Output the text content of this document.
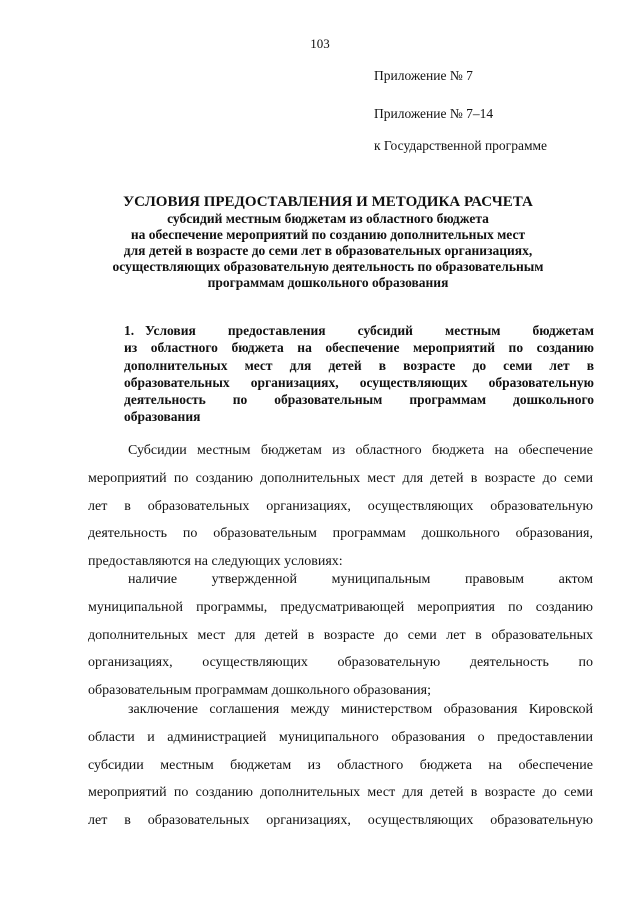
103
Приложение № 7
Приложение № 7–14
к Государственной программе
УСЛОВИЯ ПРЕДОСТАВЛЕНИЯ И МЕТОДИКА РАСЧЕТА
субсидий местным бюджетам из областного бюджета
на обеспечение мероприятий по созданию дополнительных мест
для детей в возрасте до семи лет в образовательных организациях,
осуществляющих образовательную деятельность по образовательным
программам дошкольного образования
1. Условия предоставления субсидий местным бюджетам
из областного бюджета на обеспечение мероприятий по созданию
дополнительных мест для детей в возрасте до семи лет в
образовательных организациях, осуществляющих образовательную
деятельность по образовательным программам дошкольного
образования
Субсидии местным бюджетам из областного бюджета на обеспечение
мероприятий по созданию дополнительных мест для детей в возрасте до семи
лет в образовательных организациях, осуществляющих образовательную
деятельность по образовательным программам дошкольного образования,
предоставляются на следующих условиях:
наличие утвержденной муниципальным правовым актом
муниципальной программы, предусматривающей мероприятия по созданию
дополнительных мест для детей в возрасте до семи лет в образовательных
организациях, осуществляющих образовательную деятельность по
образовательным программам дошкольного образования;
заключение соглашения между министерством образования Кировской
области и администрацией муниципального образования о предоставлении
субсидии местным бюджетам из областного бюджета на обеспечение
мероприятий по созданию дополнительных мест для детей в возрасте до семи
лет в образовательных организациях, осуществляющих образовательную
